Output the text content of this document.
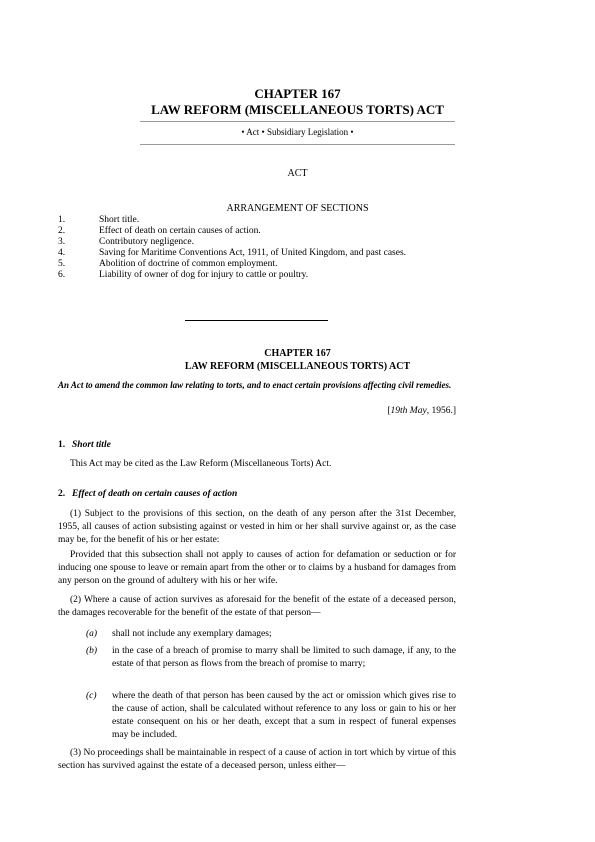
CHAPTER 167
LAW REFORM (MISCELLANEOUS TORTS) ACT
• Act • Subsidiary Legislation •
ACT
ARRANGEMENT OF SECTIONS
1.	Short title.
2.	Effect of death on certain causes of action.
3.	Contributory negligence.
4.	Saving for Maritime Conventions Act, 1911, of United Kingdom, and past cases.
5.	Abolition of doctrine of common employment.
6.	Liability of owner of dog for injury to cattle or poultry.
CHAPTER 167
LAW REFORM (MISCELLANEOUS TORTS) ACT
An Act to amend the common law relating to torts, and to enact certain provisions affecting civil remedies.
[19th May, 1956.]
1. Short title
This Act may be cited as the Law Reform (Miscellaneous Torts) Act.
2. Effect of death on certain causes of action
(1) Subject to the provisions of this section, on the death of any person after the 31st December, 1955, all causes of action subsisting against or vested in him or her shall survive against or, as the case may be, for the benefit of his or her estate:
Provided that this subsection shall not apply to causes of action for defamation or seduction or for inducing one spouse to leave or remain apart from the other or to claims by a husband for damages from any person on the ground of adultery with his or her wife.
(2) Where a cause of action survives as aforesaid for the benefit of the estate of a deceased person, the damages recoverable for the benefit of the estate of that person—
(a)	shall not include any exemplary damages;
(b)	in the case of a breach of promise to marry shall be limited to such damage, if any, to the estate of that person as flows from the breach of promise to marry;
(c)	where the death of that person has been caused by the act or omission which gives rise to the cause of action, shall be calculated without reference to any loss or gain to his or her estate consequent on his or her death, except that a sum in respect of funeral expenses may be included.
(3) No proceedings shall be maintainable in respect of a cause of action in tort which by virtue of this section has survived against the estate of a deceased person, unless either—
